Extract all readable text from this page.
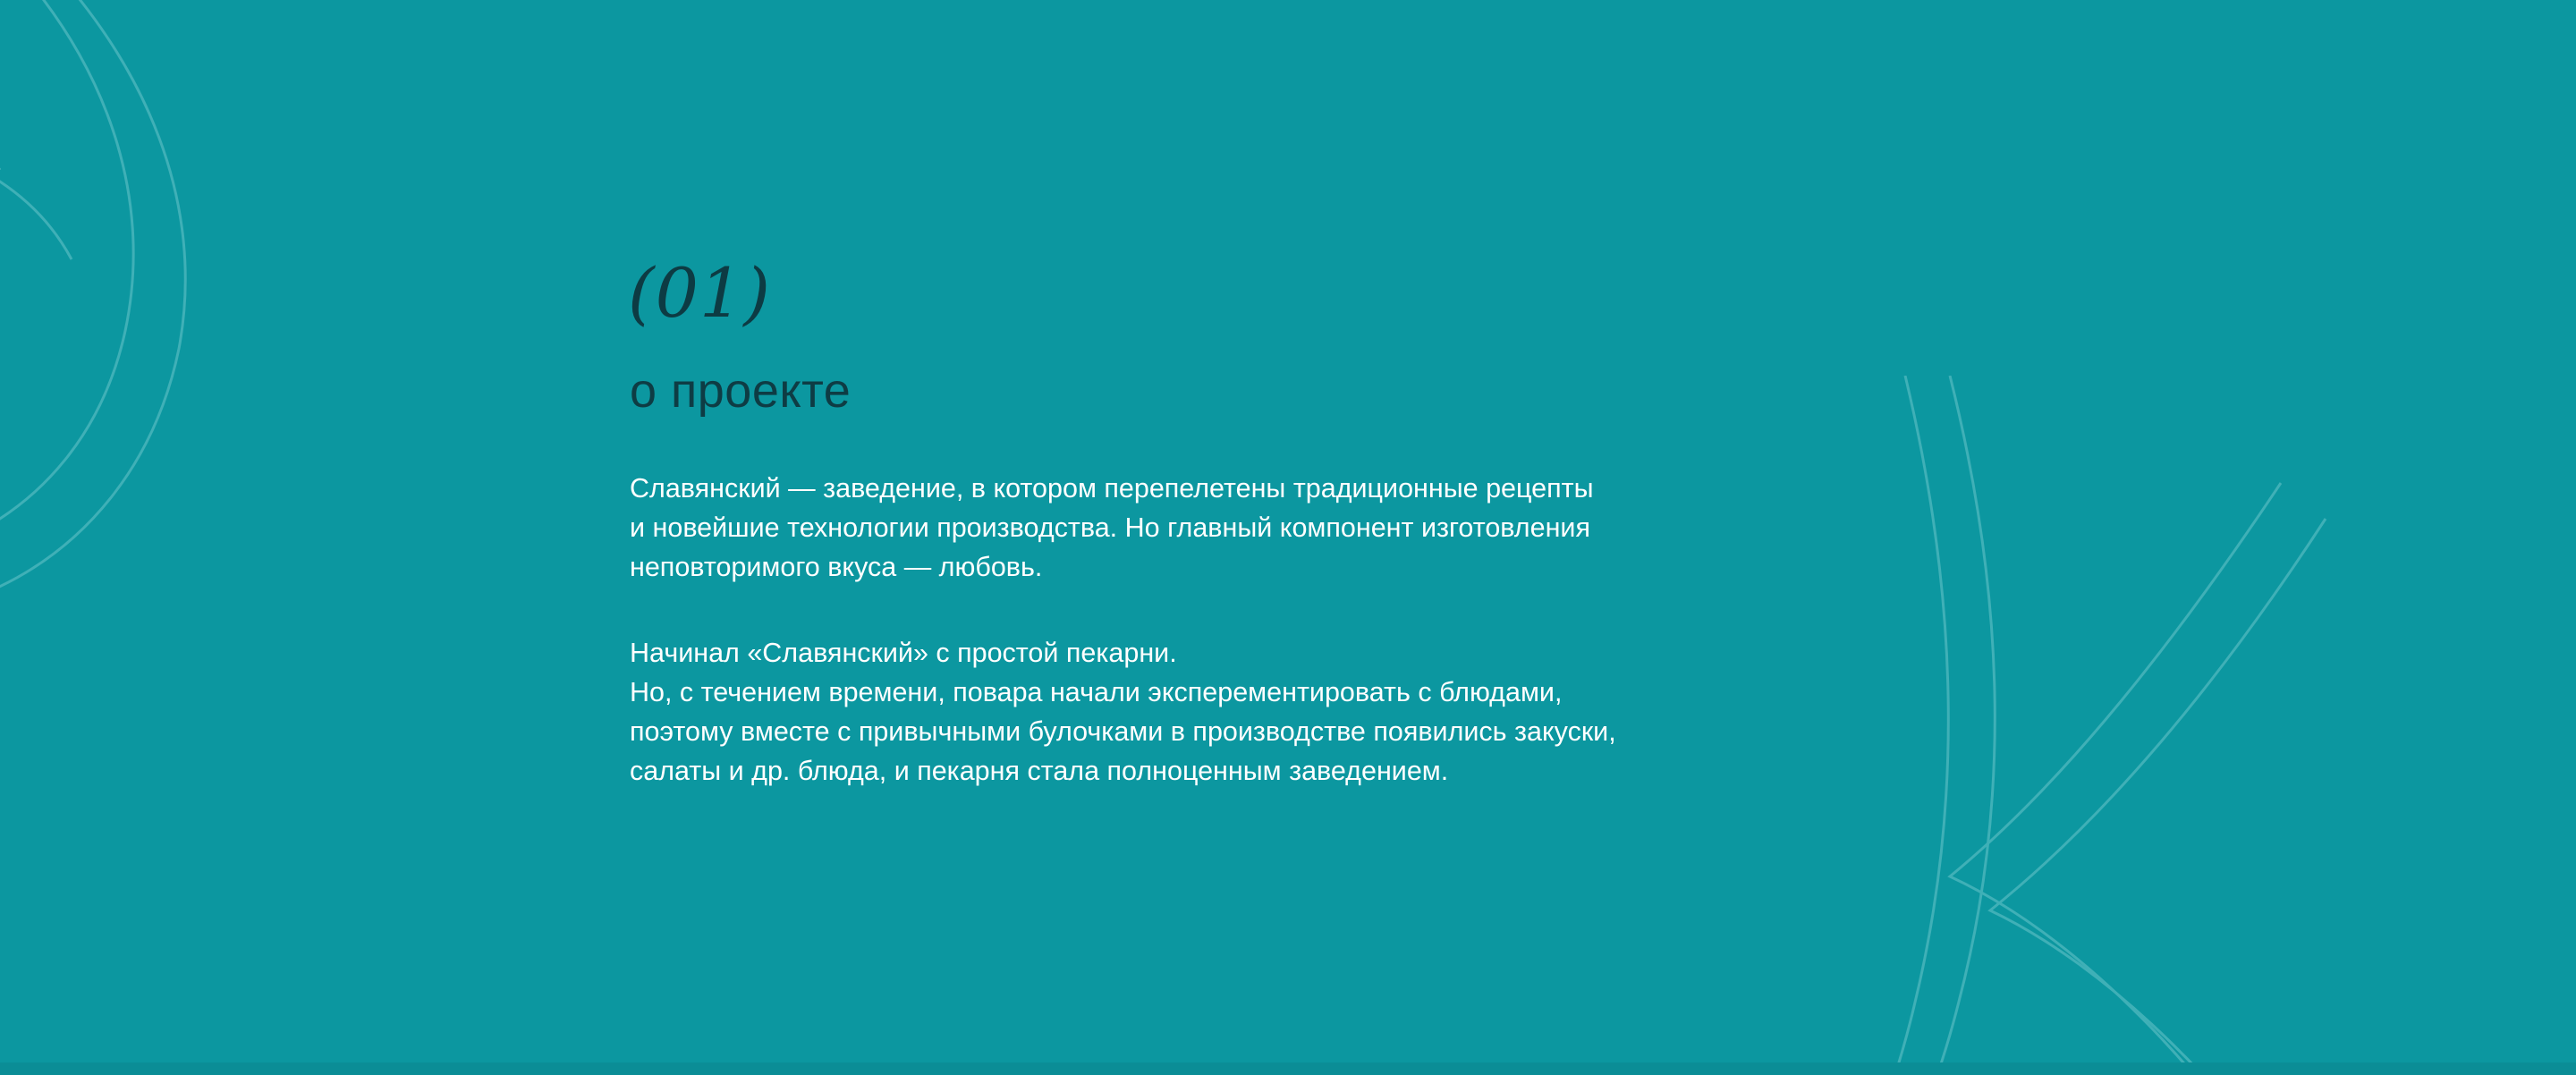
(01)
о проекте

Славянский — заведение, в котором перепелетены традиционные рецепты
и новейшие технологии производства. Но главный компонент изготовления
неповторимого вкуса — любовь.

Начинал «Славянский» с простой пекарни.
Но, с течением времени, повара начали эксперементировать с блюдами,
поэтому вместе с привычными булочками в производстве появились закуски,
салаты и др. блюда, и пекарня стала полноценным заведением.
